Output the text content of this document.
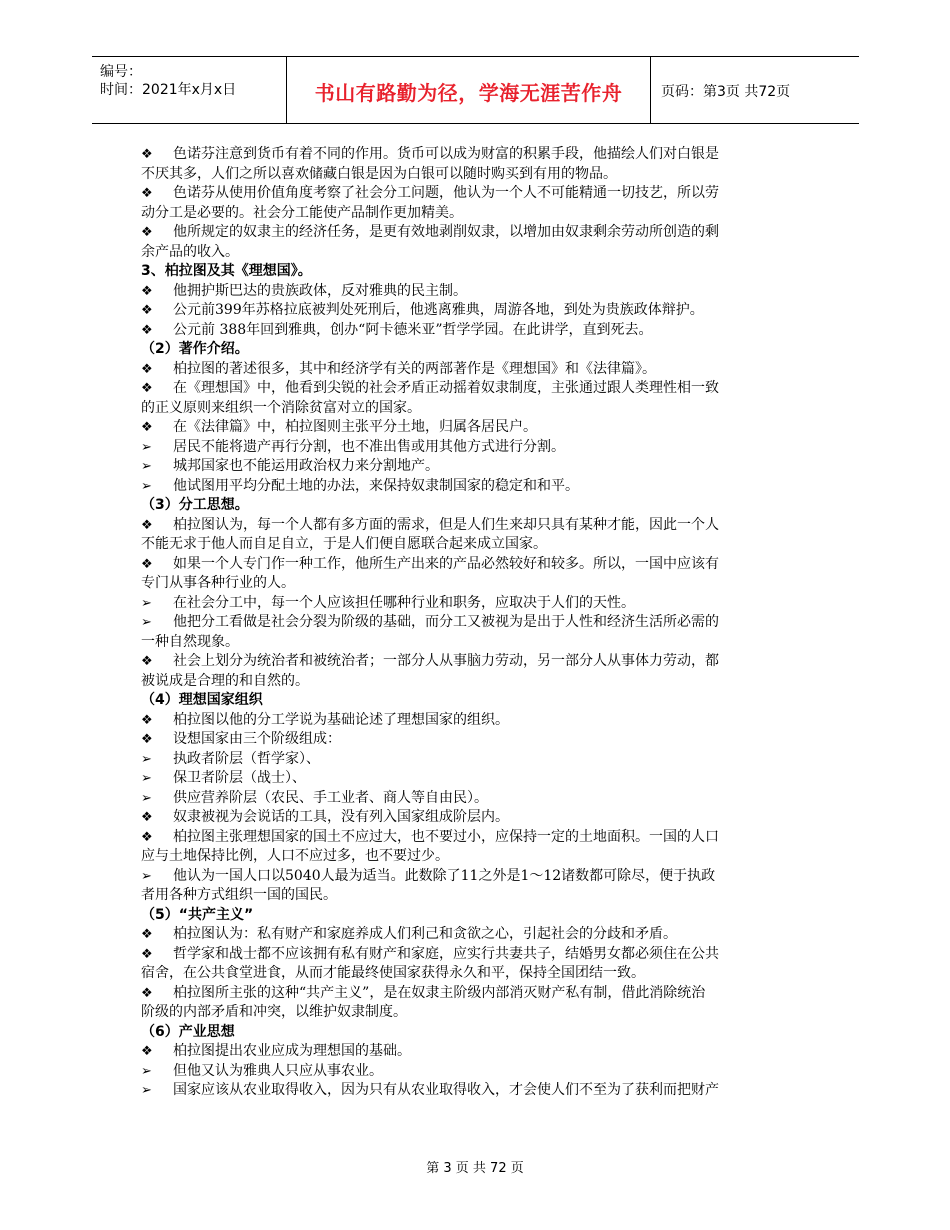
编号：
时间：2021年x月x日	书山有路勤为径，学海无涯苦作舟	页码：第3页 共72页
❖ 色诺芬注意到货币有着不同的作用。货币可以成为财富的积累手段，他描绘人们对白银是
不厌其多，人们之所以喜欢储藏白银是因为白银可以随时购买到有用的物品。
❖ 色诺芬从使用价值角度考察了社会分工问题，他认为一个人不可能精通一切技艺，所以劳
动分工是必要的。社会分工能使产品制作更加精美。
❖ 他所规定的奴隶主的经济任务，是更有效地剥削奴隶，以增加由奴隶剩余劳动所创造的剩
余产品的收入。
3、柏拉图及其《理想国》。
❖ 他拥护斯巴达的贵族政体，反对雅典的民主制。
❖ 公元前399年苏格拉底被判处死刑后，他逃离雅典，周游各地，到处为贵族政体辩护。
❖ 公元前 388年回到雅典，创办“阿卡德米亚”哲学学园。在此讲学，直到死去。
（2）著作介绍。
❖ 柏拉图的著述很多，其中和经济学有关的两部著作是《理想国》和《法律篇》。
❖ 在《理想国》中，他看到尖锐的社会矛盾正动摇着奴隶制度，主张通过跟人类理性相一致
的正义原则来组织一个消除贫富对立的国家。
❖ 在《法律篇》中，柏拉图则主张平分土地，归属各居民户。
➢ 居民不能将遗产再行分割，也不准出售或用其他方式进行分割。
➢ 城邦国家也不能运用政治权力来分割地产。
➢ 他试图用平均分配土地的办法，来保持奴隶制国家的稳定和和平。
（3）分工思想。
❖ 柏拉图认为，每一个人都有多方面的需求，但是人们生来却只具有某种才能，因此一个人
不能无求于他人而自足自立，于是人们便自愿联合起来成立国家。
❖ 如果一个人专门作一种工作，他所生产出来的产品必然较好和较多。所以，一国中应该有
专门从事各种行业的人。
➢ 在社会分工中，每一个人应该担任哪种行业和职务，应取决于人们的天性。
➢ 他把分工看做是社会分裂为阶级的基础，而分工又被视为是出于人性和经济生活所必需的
一种自然现象。
❖ 社会上划分为统治者和被统治者；一部分人从事脑力劳动，另一部分人从事体力劳动，都
被说成是合理的和自然的。
（4）理想国家组织
❖ 柏拉图以他的分工学说为基础论述了理想国家的组织。
❖ 设想国家由三个阶级组成：
➢ 执政者阶层（哲学家）、
➢ 保卫者阶层（战士）、
➢ 供应营养阶层（农民、手工业者、商人等自由民）。
❖ 奴隶被视为会说话的工具，没有列入国家组成阶层内。
❖ 柏拉图主张理想国家的国土不应过大，也不要过小，应保持一定的土地面积。一国的人口
应与土地保持比例，人口不应过多，也不要过少。
➢ 他认为一国人口以5040人最为适当。此数除了11之外是1～12诸数都可除尽，便于执政
者用各种方式组织一国的国民。
（5）“共产主义”
❖ 柏拉图认为：私有财产和家庭养成人们利己和贪欲之心，引起社会的分歧和矛盾。
❖ 哲学家和战士都不应该拥有私有财产和家庭，应实行共妻共子，结婚男女都必须住在公共
宿舍，在公共食堂进食，从而才能最终使国家获得永久和平，保持全国团结一致。
❖ 柏拉图所主张的这种“共产主义”，是在奴隶主阶级内部消灭财产私有制，借此消除统治
阶级的内部矛盾和冲突，以维护奴隶制度。
（6）产业思想
❖ 柏拉图提出农业应成为理想国的基础。
➢ 但他又认为雅典人只应从事农业。
➢ 国家应该从农业取得收入，因为只有从农业取得收入，才会使人们不至为了获利而把财产
第 3 页 共 72 页
